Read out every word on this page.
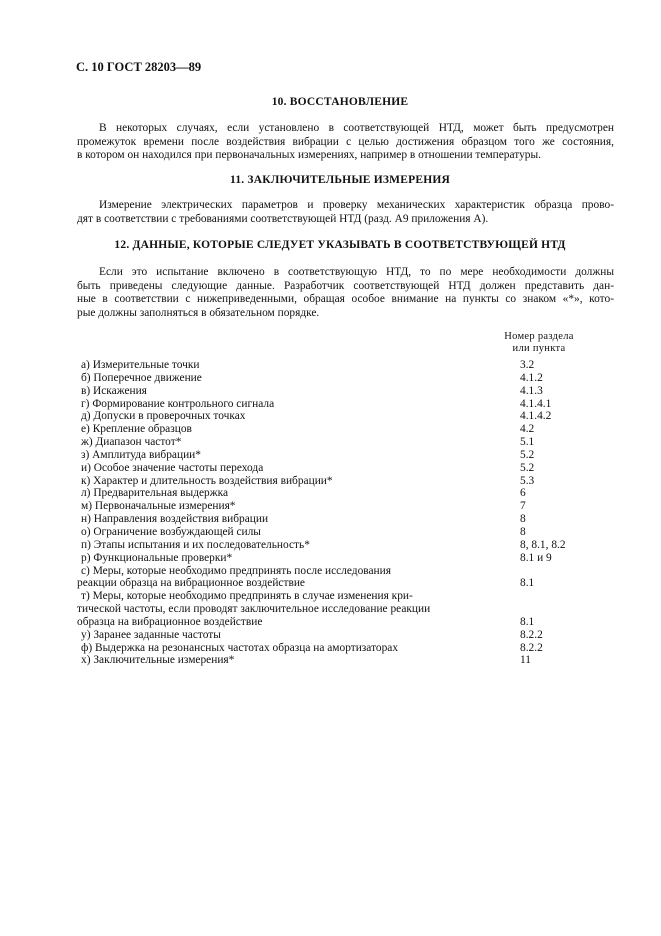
С. 10 ГОСТ 28203—89
10. ВОССТАНОВЛЕНИЕ
В некоторых случаях, если установлено в соответствующей НТД, может быть предусмотрен
промежуток времени после воздействия вибрации с целью достижения образцом того же состояния,
в котором он находился при первоначальных измерениях, например в отношении температуры.
11. ЗАКЛЮЧИТЕЛЬНЫЕ ИЗМЕРЕНИЯ
Измерение электрических параметров и проверку механических характеристик образца прово-
дят в соответствии с требованиями соответствующей НТД (разд. А9 приложения А).
12. ДАННЫЕ, КОТОРЫЕ СЛЕДУЕТ УКАЗЫВАТЬ В СООТВЕТСТВУЮЩЕЙ НТД
Если это испытание включено в соответствующую НТД, то по мере необходимости должны
быть приведены следующие данные. Разработчик соответствующей НТД должен представить дан-
ные в соответствии с нижеприведенными, обращая особое внимание на пункты со знаком «*», кото-
рые должны заполняться в обязательном порядке.
Номер раздела
или пункта
а) Измерительные точки	3.2
б) Поперечное движение	4.1.2
в) Искажения	4.1.3
г) Формирование контрольного сигнала	4.1.4.1
д) Допуски в проверочных точках	4.1.4.2
е) Крепление образцов	4.2
ж) Диапазон частот*	5.1
з) Амплитуда вибрации*	5.2
и) Особое значение частоты перехода	5.2
к) Характер и длительность воздействия вибрации*	5.3
л) Предварительная выдержка	6
м) Первоначальные измерения*	7
н) Направления воздействия вибрации	8
о) Ограничение возбуждающей силы	8
п) Этапы испытания и их последовательность*	8, 8.1, 8.2
р) Функциональные проверки*	8.1 и 9
с) Меры, которые необходимо предпринять после исследования
реакции образца на вибрационное воздействие	8.1
т) Меры, которые необходимо предпринять в случае изменения кри-
тической частоты, если проводят заключительное исследование реакции
образца на вибрационное воздействие	8.1
у) Заранее заданные частоты	8.2.2
ф) Выдержка на резонансных частотах образца на амортизаторах	8.2.2
х) Заключительные измерения*	11
